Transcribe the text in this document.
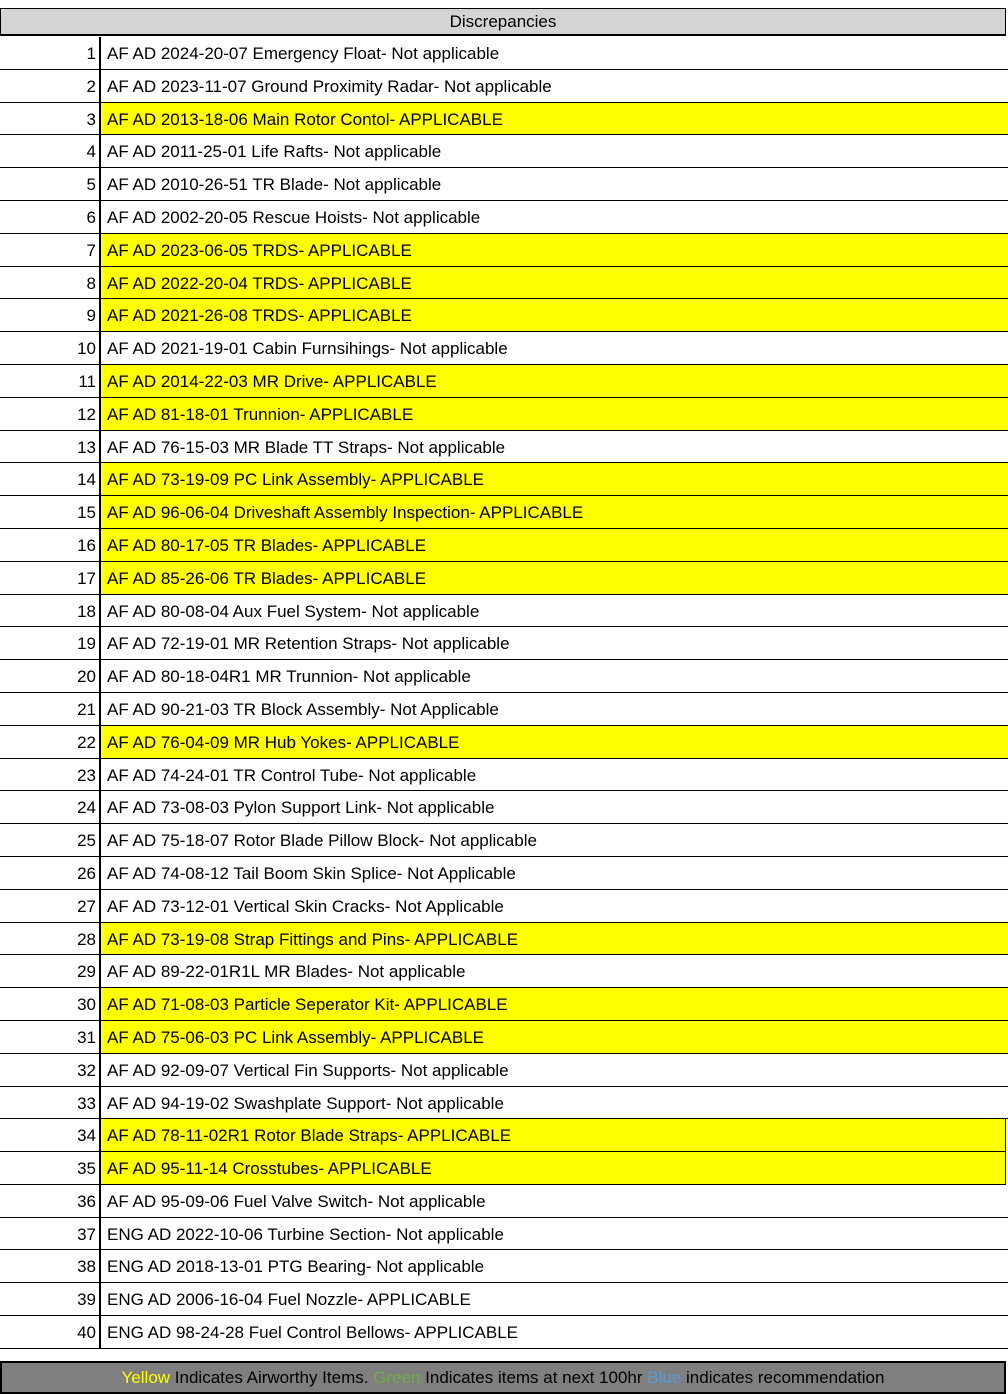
Discrepancies
1 AF AD 2024-20-07 Emergency Float- Not applicable
2 AF AD 2023-11-07 Ground Proximity Radar- Not applicable
3 AF AD 2013-18-06 Main Rotor Contol- APPLICABLE
4 AF AD 2011-25-01 Life Rafts- Not applicable
5 AF AD 2010-26-51 TR Blade- Not applicable
6 AF AD 2002-20-05 Rescue Hoists- Not applicable
7 AF AD 2023-06-05 TRDS- APPLICABLE
8 AF AD 2022-20-04 TRDS- APPLICABLE
9 AF AD 2021-26-08 TRDS- APPLICABLE
10 AF AD 2021-19-01 Cabin Furnsihings- Not applicable
11 AF AD 2014-22-03 MR Drive- APPLICABLE
12 AF AD 81-18-01 Trunnion- APPLICABLE
13 AF AD 76-15-03 MR Blade TT Straps- Not applicable
14 AF AD 73-19-09 PC Link Assembly- APPLICABLE
15 AF AD 96-06-04 Driveshaft Assembly Inspection- APPLICABLE
16 AF AD 80-17-05 TR Blades- APPLICABLE
17 AF AD 85-26-06 TR Blades- APPLICABLE
18 AF AD 80-08-04 Aux Fuel System- Not applicable
19 AF AD 72-19-01 MR Retention Straps- Not applicable
20 AF AD 80-18-04R1 MR Trunnion- Not applicable
21 AF AD 90-21-03 TR Block Assembly- Not Applicable
22 AF AD 76-04-09 MR Hub Yokes- APPLICABLE
23 AF AD 74-24-01 TR Control Tube- Not applicable
24 AF AD 73-08-03 Pylon Support Link- Not applicable
25 AF AD 75-18-07 Rotor Blade Pillow Block- Not applicable
26 AF AD 74-08-12 Tail Boom Skin Splice- Not Applicable
27 AF AD 73-12-01 Vertical Skin Cracks- Not Applicable
28 AF AD 73-19-08 Strap Fittings and Pins- APPLICABLE
29 AF AD 89-22-01R1L MR Blades- Not applicable
30 AF AD 71-08-03 Particle Seperator Kit- APPLICABLE
31 AF AD 75-06-03 PC Link Assembly- APPLICABLE
32 AF AD 92-09-07 Vertical Fin Supports- Not applicable
33 AF AD 94-19-02 Swashplate Support- Not applicable
34 AF AD 78-11-02R1 Rotor Blade Straps- APPLICABLE
35 AF AD 95-11-14 Crosstubes- APPLICABLE
36 AF AD 95-09-06 Fuel Valve Switch- Not applicable
37 ENG AD 2022-10-06 Turbine Section- Not applicable
38 ENG AD 2018-13-01 PTG Bearing- Not applicable
39 ENG AD 2006-16-04 Fuel Nozzle- APPLICABLE
40 ENG AD 98-24-28 Fuel Control Bellows- APPLICABLE
Yellow Indicates Airworthy Items. Green Indicates items at next 100hr Blue indicates recommendation
